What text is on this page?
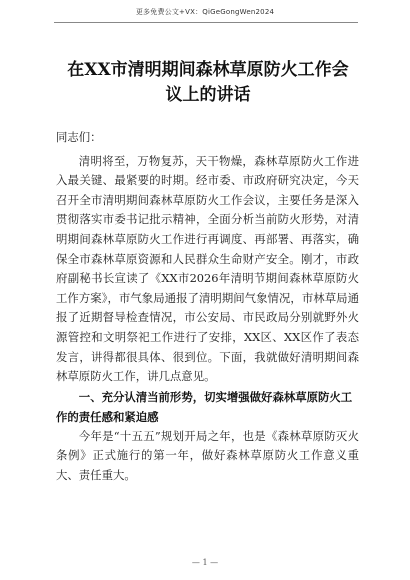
更多免费公文+VX：QiGeGongWen2024
在XX市清明期间森林草原防火工作会议上的讲话

同志们：

清明将至，万物复苏，天干物燥，森林草原防火工作进入最关键、最紧要的时期。经市委、市政府研究决定，今天召开全市清明期间森林草原防火工作会议，主要任务是深入贯彻落实市委书记批示精神，全面分析当前防火形势，对清明期间森林草原防火工作进行再调度、再部署、再落实，确保全市森林草原资源和人民群众生命财产安全。刚才，市政府副秘书长宣读了《XX市2026年清明节期间森林草原防火工作方案》，市气象局通报了清明期间气象情况，市林草局通报了近期督导检查情况，市公安局、市民政局分别就野外火源管控和文明祭祀工作进行了安排，XX区、XX区作了表态发言，讲得都很具体、很到位。下面，我就做好清明期间森林草原防火工作，讲几点意见。

一、充分认清当前形势，切实增强做好森林草原防火工作的责任感和紧迫感

今年是“十五五”规划开局之年，也是《森林草原防灭火条例》正式施行的第一年，做好森林草原防火工作意义重大、责任重大。

— 1 —
